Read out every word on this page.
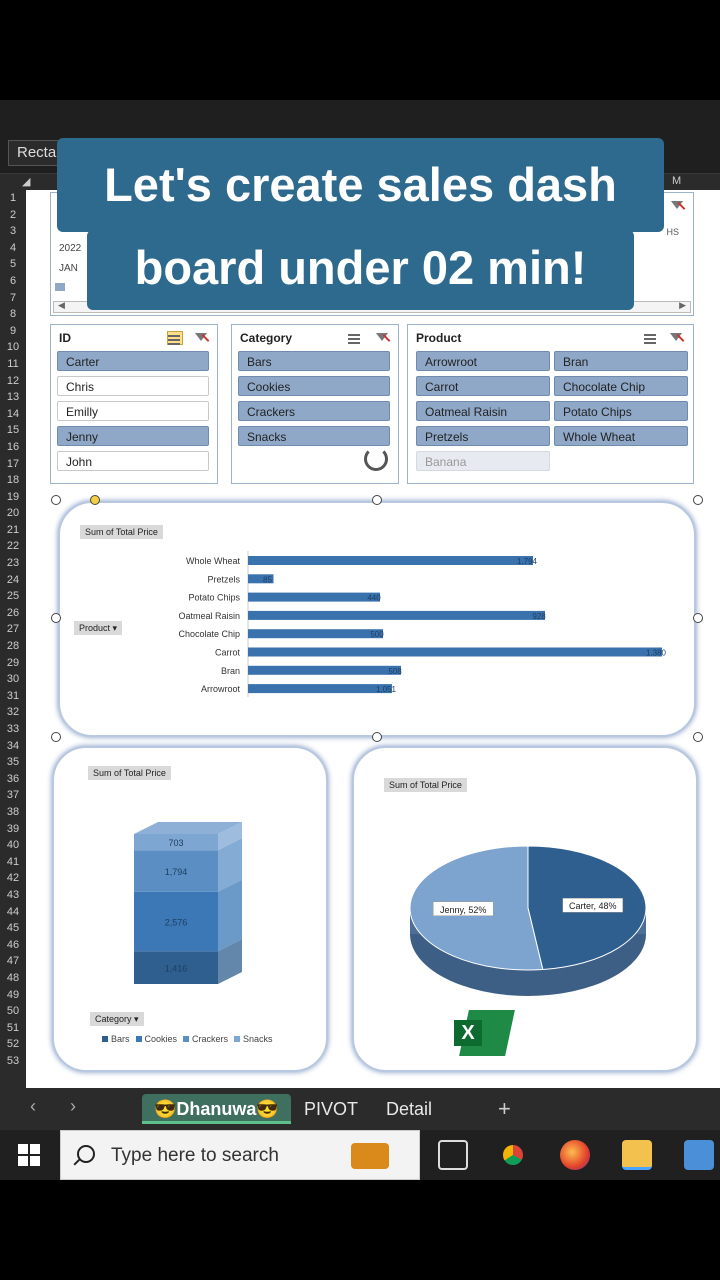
Recta
◢	M
1
2
3
4
5
6
7
8
9
10
11
12
13
14
15
16
17
18
19
20
21
22
23
24
25
26
27
28
29
30
31
32
33
34
35
36
37
38
39
40
41
42
43
44
45
46
47
48
49
50
51
52
53
2022
JAN
HS
◀	▶
ID
Carter
Chris
Emilly
Jenny
John
Category
Bars
Cookies
Crackers
Snacks
Product
Arrowroot	Bran
Carrot	Chocolate Chip
Oatmeal Raisin	Potato Chips
Pretzels	Whole Wheat
Banana
Sum of Total Price
Product ▾
Whole Wheat	1,794
Pretzels	85
Potato Chips	440
Oatmeal Raisin	928
Chocolate Chip	500
Carrot	1,380
Bran	508
Arrowroot	1,051
Sum of Total Price
1,416
2,576
1,794
703
Category ▾
Bars Cookies Crackers Snacks
Sum of Total Price
Carter, 48%
Jenny, 52%
X
‹ ›	😎Dhanuwa😎	PIVOT	Detail	+
Let's create sales dash
board under 02 min!
Type here to search
